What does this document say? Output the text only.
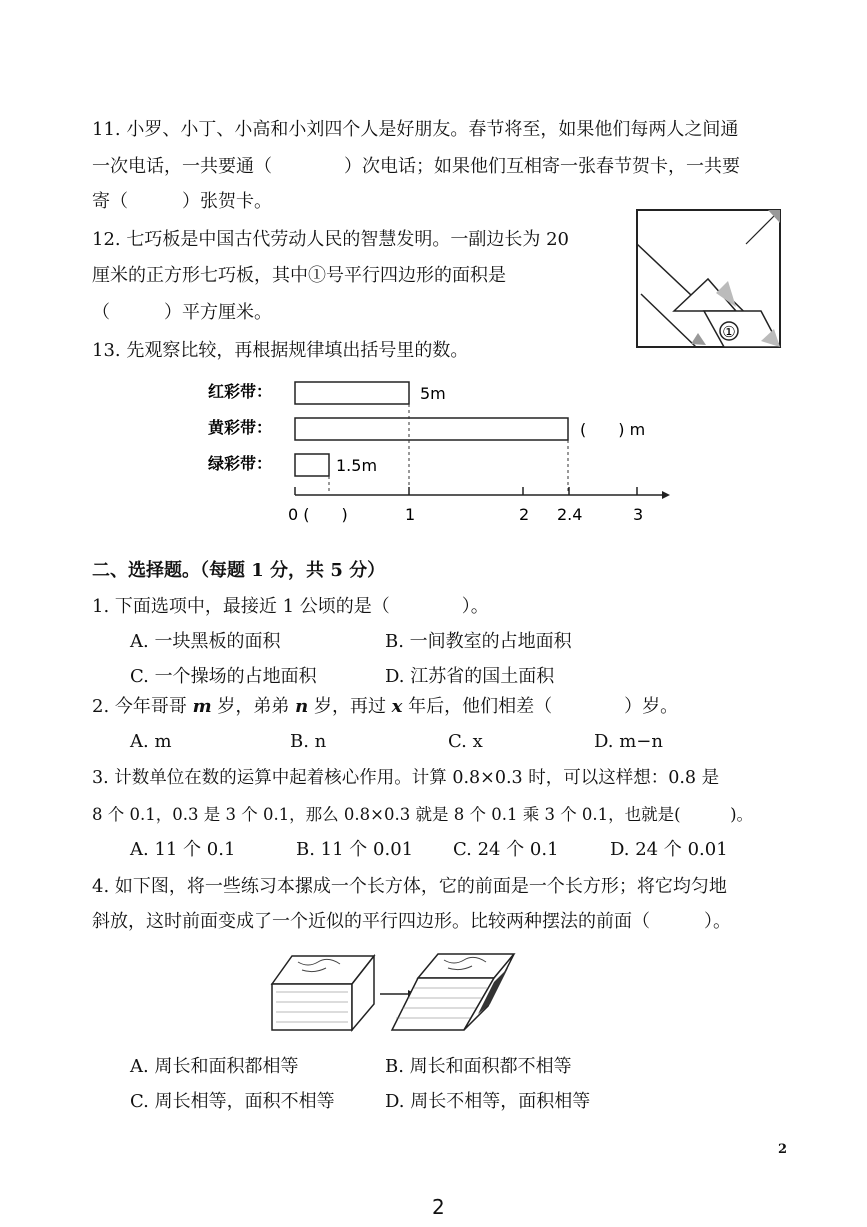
11. 小罗、小丁、小高和小刘四个人是好朋友。春节将至，如果他们每两人之间通
一次电话，一共要通（　　　　）次电话；如果他们互相寄一张春节贺卡，一共要
寄（　　　）张贺卡。
12. 七巧板是中国古代劳动人民的智慧发明。一副边长为 20
厘米的正方形七巧板，其中①号平行四边形的面积是
（　　　）平方厘米。
①
13. 先观察比较，再根据规律填出括号里的数。
红彩带：
黄彩带：
绿彩带：
5m
(　　) m
1.5m
0 (　　)	1	2 2.4	3
二、选择题。（每题 1 分，共 5 分）
1. 下面选项中，最接近 1 公顷的是（　　　　）。
A. 一块黑板的面积	B. 一间教室的占地面积
C. 一个操场的占地面积	D. 江苏省的国土面积
2. 今年哥哥 m 岁，弟弟 n 岁，再过 x 年后，他们相差（　　　　）岁。
A. m	B. n	C. x	D. m−n
3. 计数单位在数的运算中起着核心作用。计算 0.8×0.3 时，可以这样想：0.8 是
8 个 0.1，0.3 是 3 个 0.1，那么 0.8×0.3 就是 8 个 0.1 乘 3 个 0.1，也就是(　　　)。
A. 11 个 0.1	B. 11 个 0.01 C. 24 个 0.1	D. 24 个 0.01
4. 如下图，将一些练习本摞成一个长方体，它的前面是一个长方形；将它均匀地
斜放，这时前面变成了一个近似的平行四边形。比较两种摆法的前面（　　　）。
A. 周长和面积都相等	B. 周长和面积都不相等
C. 周长相等，面积不相等	D. 周长不相等，面积相等
2
2
